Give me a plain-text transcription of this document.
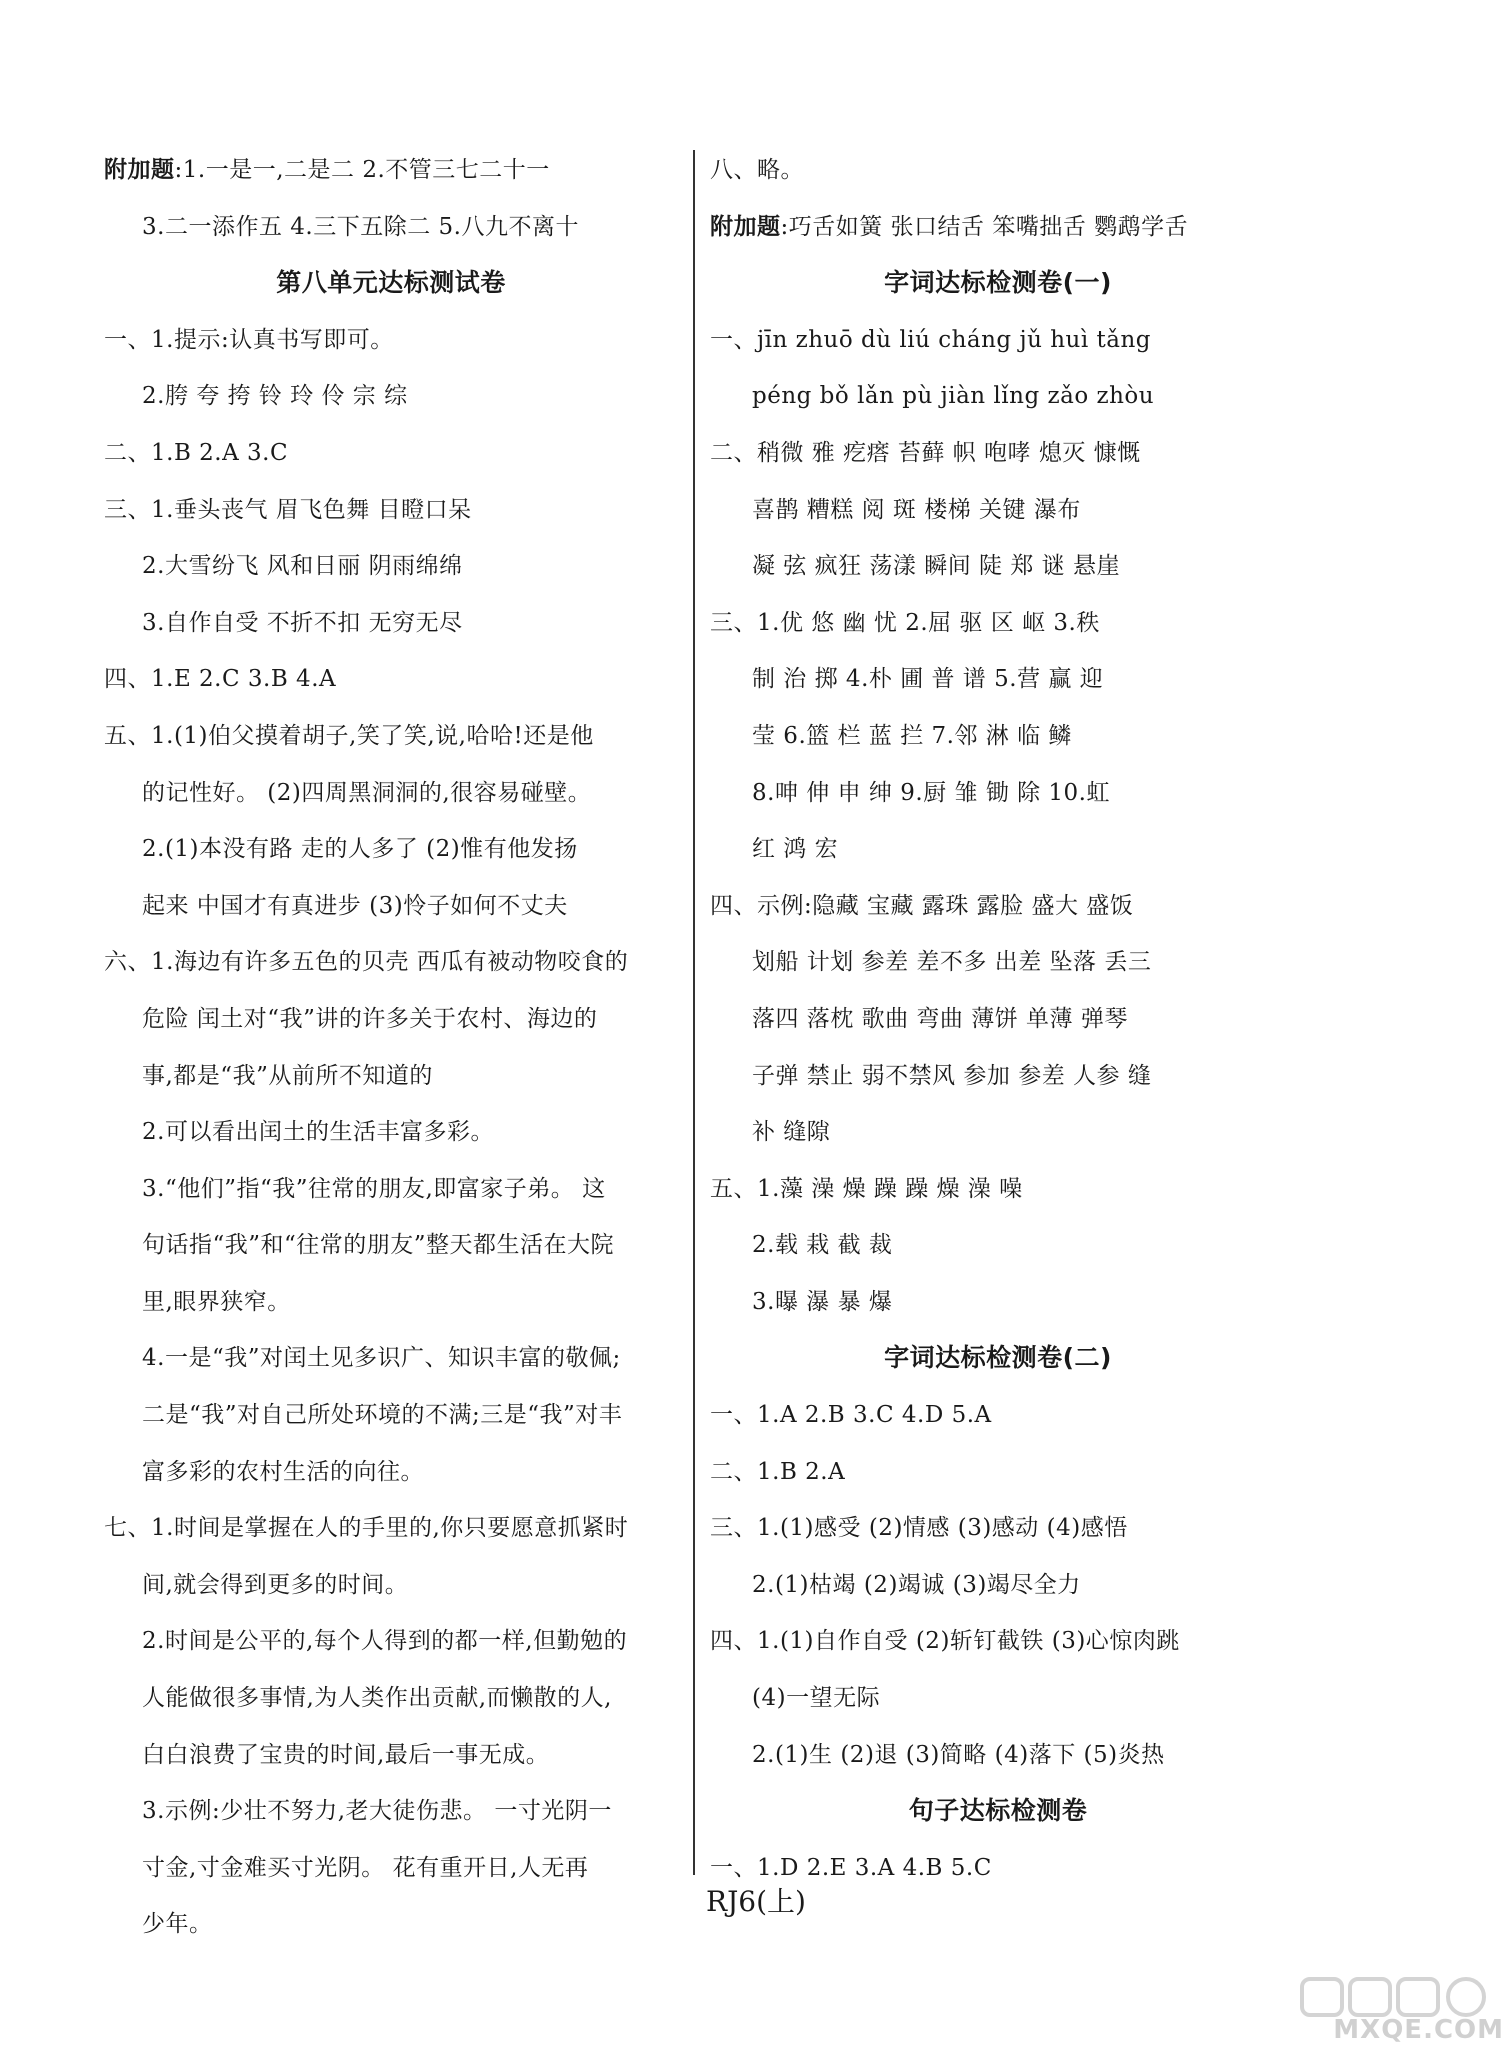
附加题:1.一是一,二是二 2.不管三七二十一
3.二一添作五 4.三下五除二 5.八九不离十
第八单元达标测试卷
一、1.提示:认真书写即可。
2.胯 夸 挎 铃 玲 伶 宗 综
二、1.B 2.A 3.C
三、1.垂头丧气 眉飞色舞 目瞪口呆
2.大雪纷飞 风和日丽 阴雨绵绵
3.自作自受 不折不扣 无穷无尽
四、1.E 2.C 3.B 4.A
五、1.(1)伯父摸着胡子,笑了笑,说,哈哈!还是他
的记性好。 (2)四周黑洞洞的,很容易碰壁。
2.(1)本没有路 走的人多了 (2)惟有他发扬
起来 中国才有真进步 (3)怜子如何不丈夫
六、1.海边有许多五色的贝壳 西瓜有被动物咬食的
危险 闰土对“我”讲的许多关于农村、海边的
事,都是“我”从前所不知道的
2.可以看出闰土的生活丰富多彩。
3.“他们”指“我”往常的朋友,即富家子弟。 这
句话指“我”和“往常的朋友”整天都生活在大院
里,眼界狭窄。
4.一是“我”对闰土见多识广、知识丰富的敬佩;
二是“我”对自己所处环境的不满;三是“我”对丰
富多彩的农村生活的向往。
七、1.时间是掌握在人的手里的,你只要愿意抓紧时
间,就会得到更多的时间。
2.时间是公平的,每个人得到的都一样,但勤勉的
人能做很多事情,为人类作出贡献,而懒散的人,
白白浪费了宝贵的时间,最后一事无成。
3.示例:少壮不努力,老大徒伤悲。 一寸光阴一
寸金,寸金难买寸光阴。 花有重开日,人无再
少年。
八、略。
附加题:巧舌如簧 张口结舌 笨嘴拙舌 鹦鹉学舌
字词达标检测卷(一)
一、jīn zhuō dù liú cháng jǔ huì tǎng
péng bǒ lǎn pù jiàn lǐng zǎo zhòu
二、稍微 雅 疙瘩 苔藓 帜 咆哮 熄灭 慷慨
喜鹊 糟糕 阅 斑 楼梯 关键 瀑布
凝 弦 疯狂 荡漾 瞬间 陡 郑 谜 悬崖
三、1.优 悠 幽 忧 2.屈 驱 区 岖 3.秩
制 治 掷 4.朴 圃 普 谱 5.营 赢 迎
莹 6.篮 栏 蓝 拦 7.邻 淋 临 鳞
8.呻 伸 申 绅 9.厨 雏 锄 除 10.虹
红 鸿 宏
四、示例:隐藏 宝藏 露珠 露脸 盛大 盛饭
划船 计划 参差 差不多 出差 坠落 丢三
落四 落枕 歌曲 弯曲 薄饼 单薄 弹琴
子弹 禁止 弱不禁风 参加 参差 人参 缝
补 缝隙
五、1.藻 澡 燥 躁 躁 燥 澡 噪
2.载 栽 截 裁
3.曝 瀑 暴 爆
字词达标检测卷(二)
一、1.A 2.B 3.C 4.D 5.A
二、1.B 2.A
三、1.(1)感受 (2)情感 (3)感动 (4)感悟
2.(1)枯竭 (2)竭诚 (3)竭尽全力
四、1.(1)自作自受 (2)斩钉截铁 (3)心惊肉跳
(4)一望无际
2.(1)生 (2)退 (3)简略 (4)落下 (5)炎热
句子达标检测卷
一、1.D 2.E 3.A 4.B 5.C
RJ6(上)
MXQE.COM
